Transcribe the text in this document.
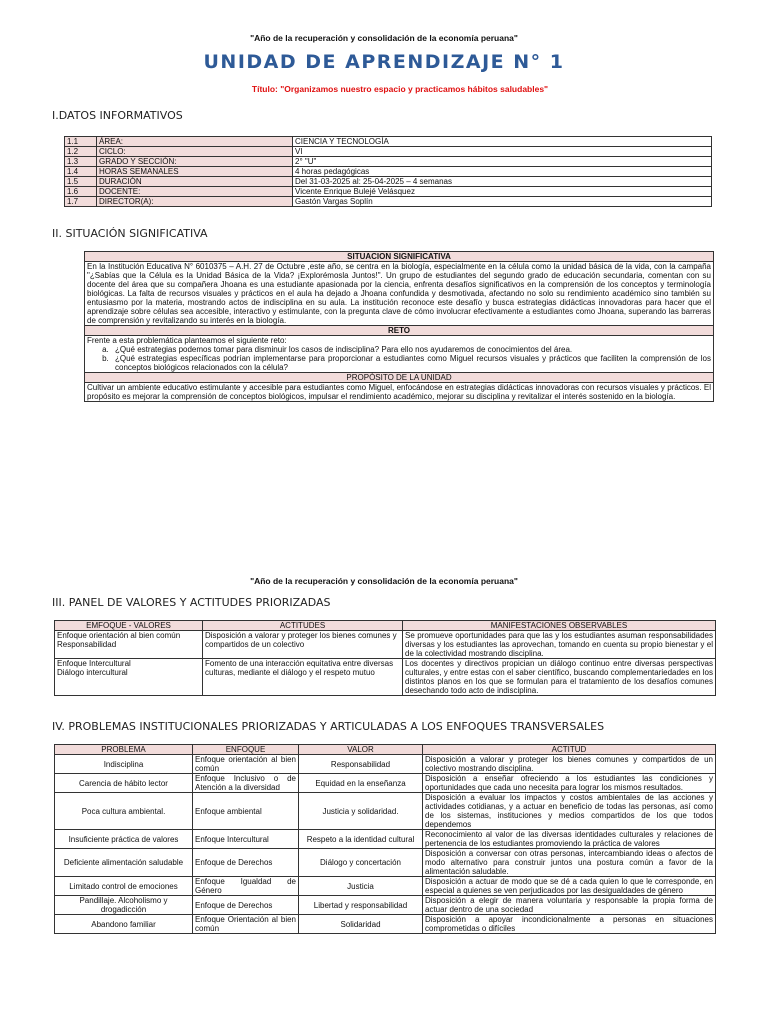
"Año de la recuperación y consolidación de la economía peruana"
UNIDAD DE APRENDIZAJE N° 1
Título: "Organizamos nuestro espacio y practicamos hábitos saludables"
I.DATOS INFORMATIVOS
1.1	ÁREA:	CIENCIA Y TECNOLOGÍA
1.2	CICLO:	VI
1.3	GRADO Y SECCIÓN:	2° "U"
1.4	HORAS SEMANALES	4 horas pedagógicas
1.5	DURACIÓN	Del 31-03-2025 al: 25-04-2025 – 4 semanas
1.6	DOCENTE:	Vicente Enrique Bulejé Velásquez
1.7	DIRECTOR(A):	Gastón Vargas Soplín
II. SITUACIÓN SIGNIFICATIVA
SITUACION SIGNIFICATIVA
En la Institución Educativa N° 6010375 – A.H. 27 de Octubre ,este año, se centra en la biología, especialmente en la célula como la unidad básica de la vida, con la campaña "¿Sabías que la Célula es la Unidad Básica de la Vida? ¡Explorémosla Juntos!". Un grupo de estudiantes del segundo grado de educación secundaria, comentan con su docente del área que su compañera Jhoana es una estudiante apasionada por la ciencia, enfrenta desafíos significativos en la comprensión de los conceptos y terminología biológicas. La falta de recursos visuales y prácticos en el aula ha dejado a Jhoana confundida y desmotivada, afectando no solo su rendimiento académico sino también su entusiasmo por la materia, mostrando actos de indisciplina en su aula. La institución reconoce este desafío y busca estrategias didácticas innovadoras para hacer que el aprendizaje sobre células sea accesible, interactivo y estimulante, con la pregunta clave de cómo involucrar efectivamente a estudiantes como Jhoana, superando las barreras de comprensión y revitalizando su interés en la biología.
RETO

Frente a esta problemática planteamos el siguiente reto:
a. ¿Qué estrategias podemos tomar para disminuir los casos de indisciplina? Para ello nos ayudaremos de conocimientos del área.
b. ¿Qué estrategias específicas podrían implementarse para proporcionar a estudiantes como Miguel recursos visuales y prácticos que faciliten la comprensión de los conceptos biológicos relacionados con la célula?

PROPÓSITO DE LA UNIDAD
Cultivar un ambiente educativo estimulante y accesible para estudiantes como Miguel, enfocándose en estrategias didácticas innovadoras con recursos visuales y prácticos. El propósito es mejorar la comprensión de conceptos biológicos, impulsar el rendimiento académico, mejorar su disciplina y revitalizar el interés sostenido en la biología.
"Año de la recuperación y consolidación de la economía peruana"
III. PANEL DE VALORES Y ACTITUDES PRIORIZADAS
EMFOQUE - VALORES	ACTITUDES	MANIFESTACIONES OBSERVABLES

Enfoque orientación al bien común
Responsabilidad	Disposición a valorar y proteger los bienes comunes y compartidos de un colectivo	Se promueve oportunidades para que las y los estudiantes asuman responsabilidades diversas y los estudiantes las aprovechan, tomando en cuenta su propio bienestar y el de la colectividad mostrando disciplina.

Enfoque Intercultural
Diálogo intercultural	Fomento de una interacción equitativa entre diversas culturas, mediante el diálogo y el respeto mutuo	Los docentes y directivos propician un diálogo continuo entre diversas perspectivas culturales, y entre estas con el saber científico, buscando complementariedades en los distintos planos en los que se formulan para el tratamiento de los desafíos comunes desechando todo acto de indisciplina.
IV. PROBLEMAS INSTITUCIONALES PRIORIZADAS Y ARTICULADAS A LOS ENFOQUES TRANSVERSALES
PROBLEMA	ENFOQUE	VALOR	ACTITUD
Indisciplina	Enfoque orientación al bien común	Responsabilidad	Disposición a valorar y proteger los bienes comunes y compartidos de un colectivo mostrando disciplina.
Carencia de hábito lector	Enfoque Inclusivo o de Atención a la diversidad	Equidad en la enseñanza	Disposición a enseñar ofreciendo a los estudiantes las condiciones y oportunidades que cada uno necesita para lograr los mismos resultados.
Poca cultura ambiental.	Enfoque ambiental	Justicia y solidaridad.	Disposición a evaluar los impactos y costos ambientales de las acciones y actividades cotidianas, y a actuar en beneficio de todas las personas, así como de los sistemas, instituciones y medios compartidos de los que todos dependemos
Insuficiente práctica de valores	Enfoque Intercultural	Respeto a la identidad cultural	Reconocimiento al valor de las diversas identidades culturales y relaciones de pertenencia de los estudiantes promoviendo la práctica de valores
Deficiente alimentación saludable	Enfoque de Derechos	Diálogo y concertación	Disposición a conversar con otras personas, intercambiando ideas o afectos de modo alternativo para construir juntos una postura común a favor de la alimentación saludable.
Limitado control de emociones	Enfoque Igualdad de Género	Justicia	Disposición a actuar de modo que se dé a cada quien lo que le corresponde, en especial a quienes se ven perjudicados por las desigualdades de género
Pandillaje. Alcoholismo y drogadicción	Enfoque de Derechos	Libertad y responsabilidad	Disposición a elegir de manera voluntaria y responsable la propia forma de actuar dentro de una sociedad
Abandono familiar	Enfoque Orientación al bien común	Solidaridad	Disposición a apoyar incondicionalmente a personas en situaciones comprometidas o difíciles
